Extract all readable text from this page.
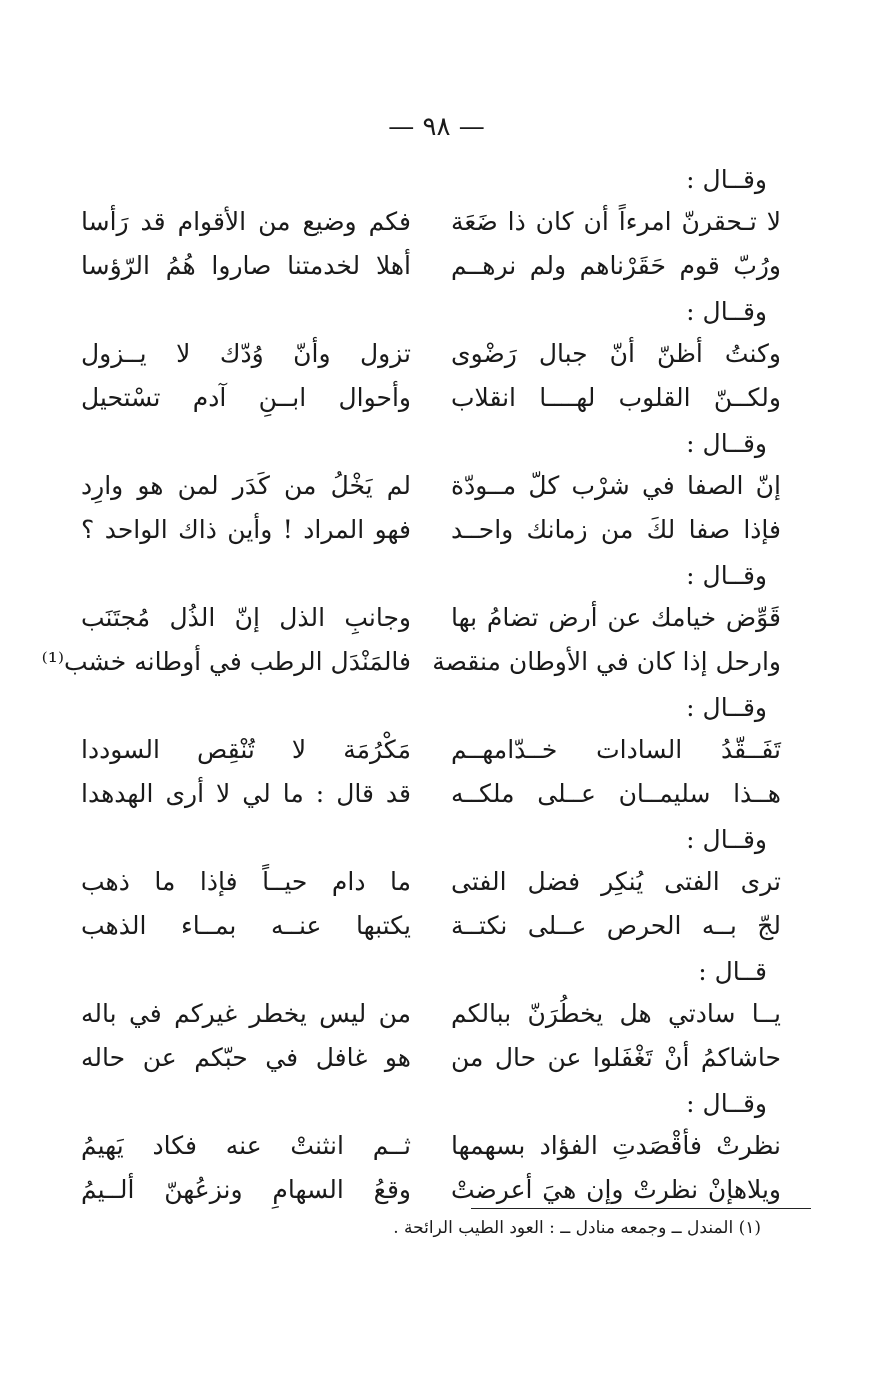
— ٩٨ —
وقــال :
لا تـحقرنّ امرءاً أن كان ذا ضَعَة
فكم وضيع من الأقوام قد رَأسا
ورُبّ قوم حَقَرْناهم ولم نرهــم
أهلا لخدمتنا صاروا هُمُ الرّؤسا
وقــال :
وكنتُ أظنّ أنّ جبال رَضْوى
تزول وأنّ وُدّك لا يــزول
ولكــنّ القلوب لهــــا انقلاب
وأحوال ابــنِ آدم تسْتحيل
وقــال :
إنّ الصفا في شرْب كلّ مــودّة
لم يَخْلُ من كَدَر لمن هو وارِد
فإذا صفا لكَ من زمانك واحــد
فهو المراد ! وأين ذاك الواحد ؟
وقــال :
قَوِّض خيامك عن أرض تضامُ بها
وجانبِ الذل إنّ الذُل مُجتَنَب
وارحل إذا كان في الأوطان منقصة
فالمَنْدَل الرطب في أوطانه خشب⁽¹⁾
وقــال :
تَفَــقّدُ السادات خــدّامهــم
مَكْرُمَة لا تُنْقِص السوددا
هــذا سليمــان عــلى ملكــه
قد قال : ما لي لا أرى الهدهدا
وقــال :
ترى الفتى يُنكِر فضل الفتى
ما دام حيــاً فإذا ما ذهب
لجّ بــه الحرص عــلى نكتــة
يكتبها عنــه بمــاء الذهب
قــال :
يــا سادتي هل يخطُرَنّ ببالكم
من ليس يخطر غيركم في باله
حاشاكمُ أنْ تَغْفَلوا عن حال من
هو غافل في حبّكم عن حاله
وقــال :
نظرتْ فأقْصَدتِ الفؤاد بسهمها
ثــم انثنتْ عنه فكاد يَهيمُ
ويلاهإنْ نظرتْ وإن هيَ أعرضتْ
وقعُ السهامِ ونزعُهنّ ألــيمُ
(١) المندل ــ وجمعه منادل ــ : العود الطيب الرائحة .
